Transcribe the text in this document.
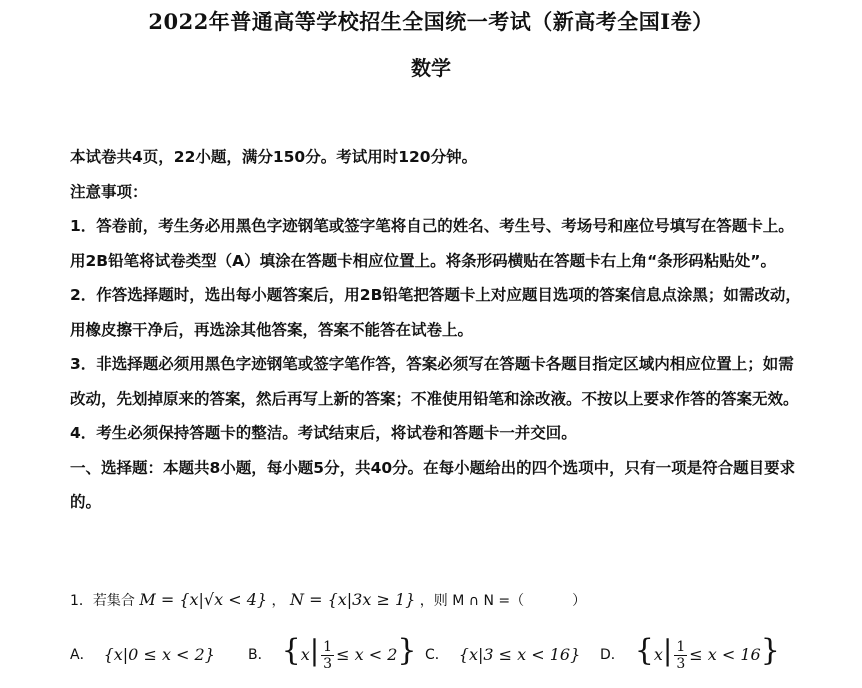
2022年普通高等学校招生全国统一考试（新高考全国Ⅰ卷）
数学

本试卷共4页，22小题，满分150分。考试用时120分钟。

注意事项：

1．答卷前，考生务必用黑色字迹钢笔或签字笔将自己的姓名、考生号、考场号和座位号填写在答题卡上。用2B铅笔将试卷类型（A）填涂在答题卡相应位置上。将条形码横贴在答题卡右上角“条形码粘贴处”。

2．作答选择题时，选出每小题答案后，用2B铅笔把答题卡上对应题目选项的答案信息点涂黑；如需改动，用橡皮擦干净后，再选涂其他答案，答案不能答在试卷上。

3．非选择题必须用黑色字迹钢笔或签字笔作答，答案必须写在答题卡各题目指定区域内相应位置上；如需改动，先划掉原来的答案，然后再写上新的答案；不准使用铅笔和涂改液。不按以上要求作答的答案无效。

4．考生必须保持答题卡的整洁。考试结束后，将试卷和答题卡一并交回。

一、选择题：本题共8小题，每小题5分，共40分。在每小题给出的四个选项中，只有一项是符合题目要求的。

1．若集合 M = {x|√x < 4} ， N = {x|3x ≥ 1} ，则 M ∩ N =（	）
A． {x|0 ≤ x < 2} B． $\{x| \frac{1}{3} \le x < 2\}$ C． {x|3 ≤ x < 16} D． $\{x| \frac{1}{3} \le x < 16\}$
